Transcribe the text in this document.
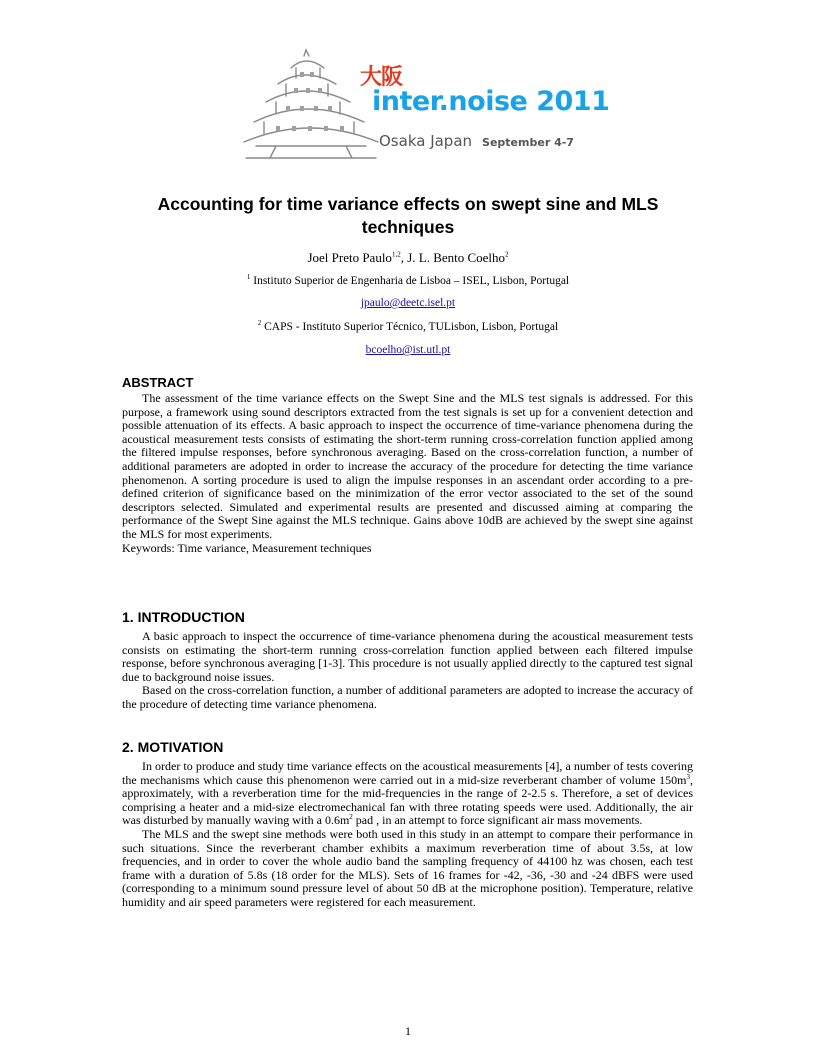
大阪
inter.noise 2011
Osaka Japan September 4-7
Accounting for time variance effects on swept sine and MLS techniques
Joel Preto Paulo$^{1,2}$, J. L. Bento Coelho$^2$
$^1$ Instituto Superior de Engenharia de Lisboa – ISEL, Lisbon, Portugal
jpaulo@deetc.isel.pt
$^2$ CAPS - Instituto Superior Técnico, TULisbon, Lisbon, Portugal
bcoelho@ist.utl.pt
ABSTRACT

The assessment of the time variance effects on the Swept Sine and the MLS test signals is addressed. For this purpose, a framework using sound descriptors extracted from the test signals is set up for a convenient detection and possible attenuation of its effects. A basic approach to inspect the occurrence of time-variance phenomena during the acoustical measurement tests consists of estimating the short-term running cross-correlation function applied among the filtered impulse responses, before synchronous averaging. Based on the cross-correlation function, a number of additional parameters are adopted in order to increase the accuracy of the procedure for detecting the time variance phenomenon. A sorting procedure is used to align the impulse responses in an ascendant order according to a pre-defined criterion of significance based on the minimization of the error vector associated to the set of the sound descriptors selected. Simulated and experimental results are presented and discussed aiming at comparing the performance of the Swept Sine against the MLS technique. Gains above 10dB are achieved by the swept sine against the MLS for most experiments.

Keywords: Time variance, Measurement techniques

1. INTRODUCTION

A basic approach to inspect the occurrence of time-variance phenomena during the acoustical measurement tests consists on estimating the short-term running cross-correlation function applied between each filtered impulse response, before synchronous averaging [1-3]. This procedure is not usually applied directly to the captured test signal due to background noise issues.

Based on the cross-correlation function, a number of additional parameters are adopted to increase the accuracy of the procedure of detecting time variance phenomena.

2. MOTIVATION

In order to produce and study time variance effects on the acoustical measurements [4], a number of tests covering the mechanisms which cause this phenomenon were carried out in a mid-size reverberant chamber of volume $150m^3$, approximately, with a reverberation time for the mid-frequencies in the range of 2-2.5 s. Therefore, a set of devices comprising a heater and a mid-size electromechanical fan with three rotating speeds were used. Additionally, the air was disturbed by manually waving with a $0.6m^2$ pad , in an attempt to force significant air mass movements.

The MLS and the swept sine methods were both used in this study in an attempt to compare their performance in such situations. Since the reverberant chamber exhibits a maximum reverberation time of about 3.5s, at low frequencies, and in order to cover the whole audio band the sampling frequency of 44100 hz was chosen, each test frame with a duration of 5.8s (18 order for the MLS). Sets of 16 frames for -42, -36, -30 and -24 dBFS were used (corresponding to a minimum sound pressure level of about 50 dB at the microphone position). Temperature, relative humidity and air speed parameters were registered for each measurement.

1
